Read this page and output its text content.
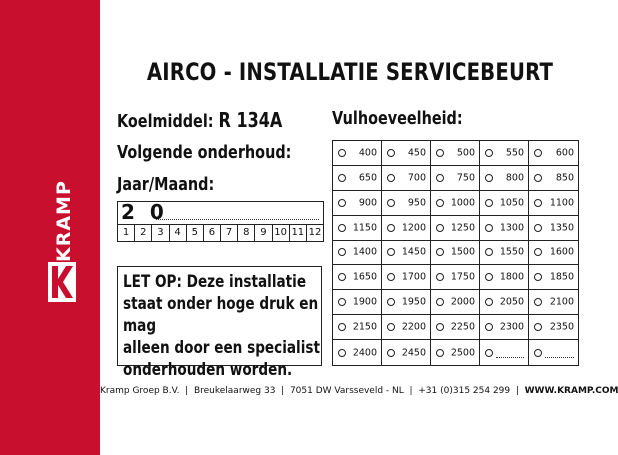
KRAMP
AIRCO - INSTALLATIE SERVICEBEURT
Koelmiddel: R 134A
Volgende onderhoud:
Jaar/Maand:
2 0
1	2	3	4	5	6	7	8	9 10 11 12
LET OP: Deze installatie
staat onder hoge druk en mag
alleen door een specialist
onderhouden worden.
Vulhoeveelheid:
400	450	500	550	600
650	700	750	800	850
900	950	1000	1050	1100
1150	1200	1250	1300	1350
1400	1450	1500	1550	1600
1650	1700	1750	1800	1850
1900	1950	2000	2050	2100
2150	2200	2250	2300	2350
2400	2450	2500
Kramp Groep B.V.  |  Breukelaarweg 33  |  7051 DW Varsseveld - NL  |  +31 (0)315 254 299  |  WWW.KRAMP.COM
